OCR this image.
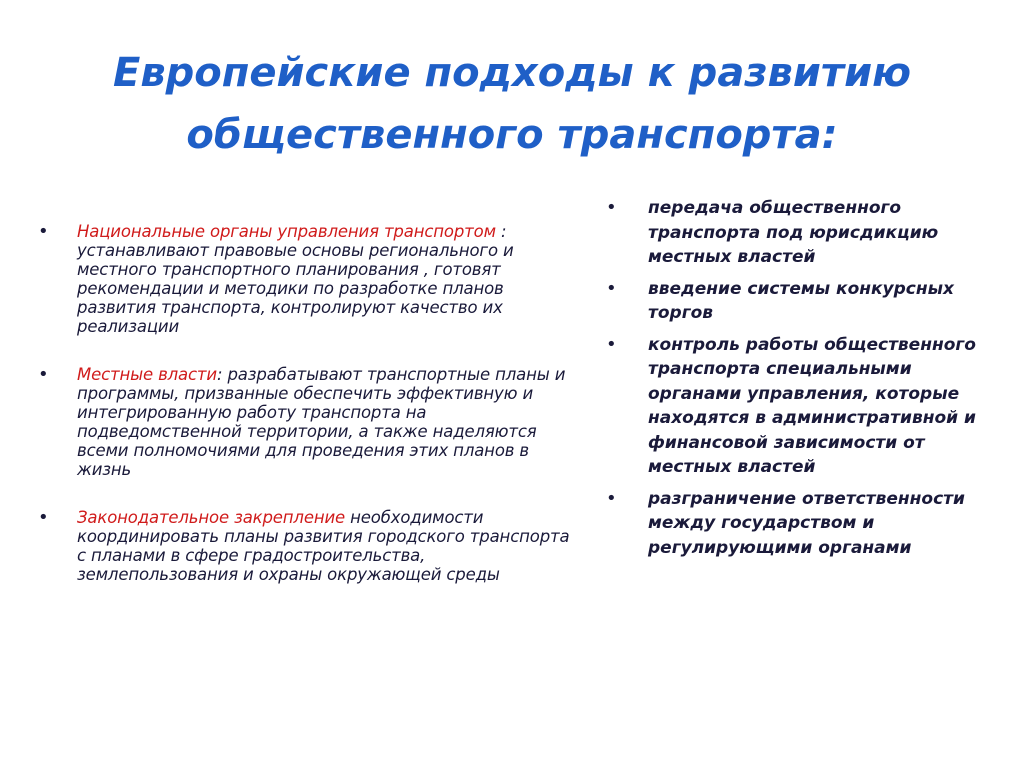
Европейские подходы к развитию общественного транспорта:
• Национальные органы управления транспортом : устанавливают правовые основы регионального и местного транспортного планирования , готовят рекомендации и методики по разработке планов развития транспорта, контролируют качество их реализации
• Местные власти: разрабатывают транспортные планы и программы, призванные обеспечить эффективную и интегрированную работу транспорта на подведомственной территории, а также наделяются всеми полномочиями для проведения этих планов в жизнь
• Законодательное закрепление необходимости координировать планы развития городского транспорта с планами в сфере градостроительства, землепользования и охраны окружающей среды
• передача общественного транспорта под юрисдикцию местных властей
• введение системы конкурсных торгов
• контроль работы общественного транспорта специальными органами управления, которые находятся в административной и финансовой зависимости от местных властей
• разграничение ответственности между государством и регулирующими органами
